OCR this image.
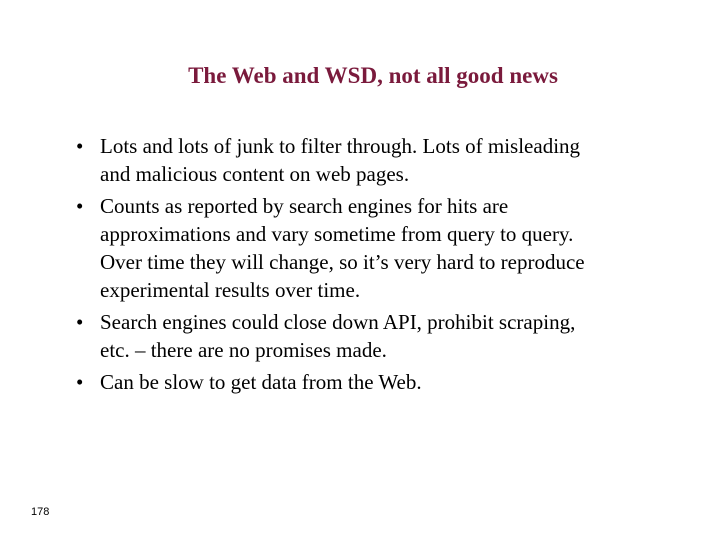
The Web and WSD, not all good news
• Lots and lots of junk to filter through. Lots of misleading
and malicious content on web pages.
• Counts as reported by search engines for hits are
approximations and vary sometime from query to query.
Over time they will change, so it’s very hard to reproduce
experimental results over time.
• Search engines could close down API, prohibit scraping,
etc. – there are no promises made.
• Can be slow to get data from the Web.
178
